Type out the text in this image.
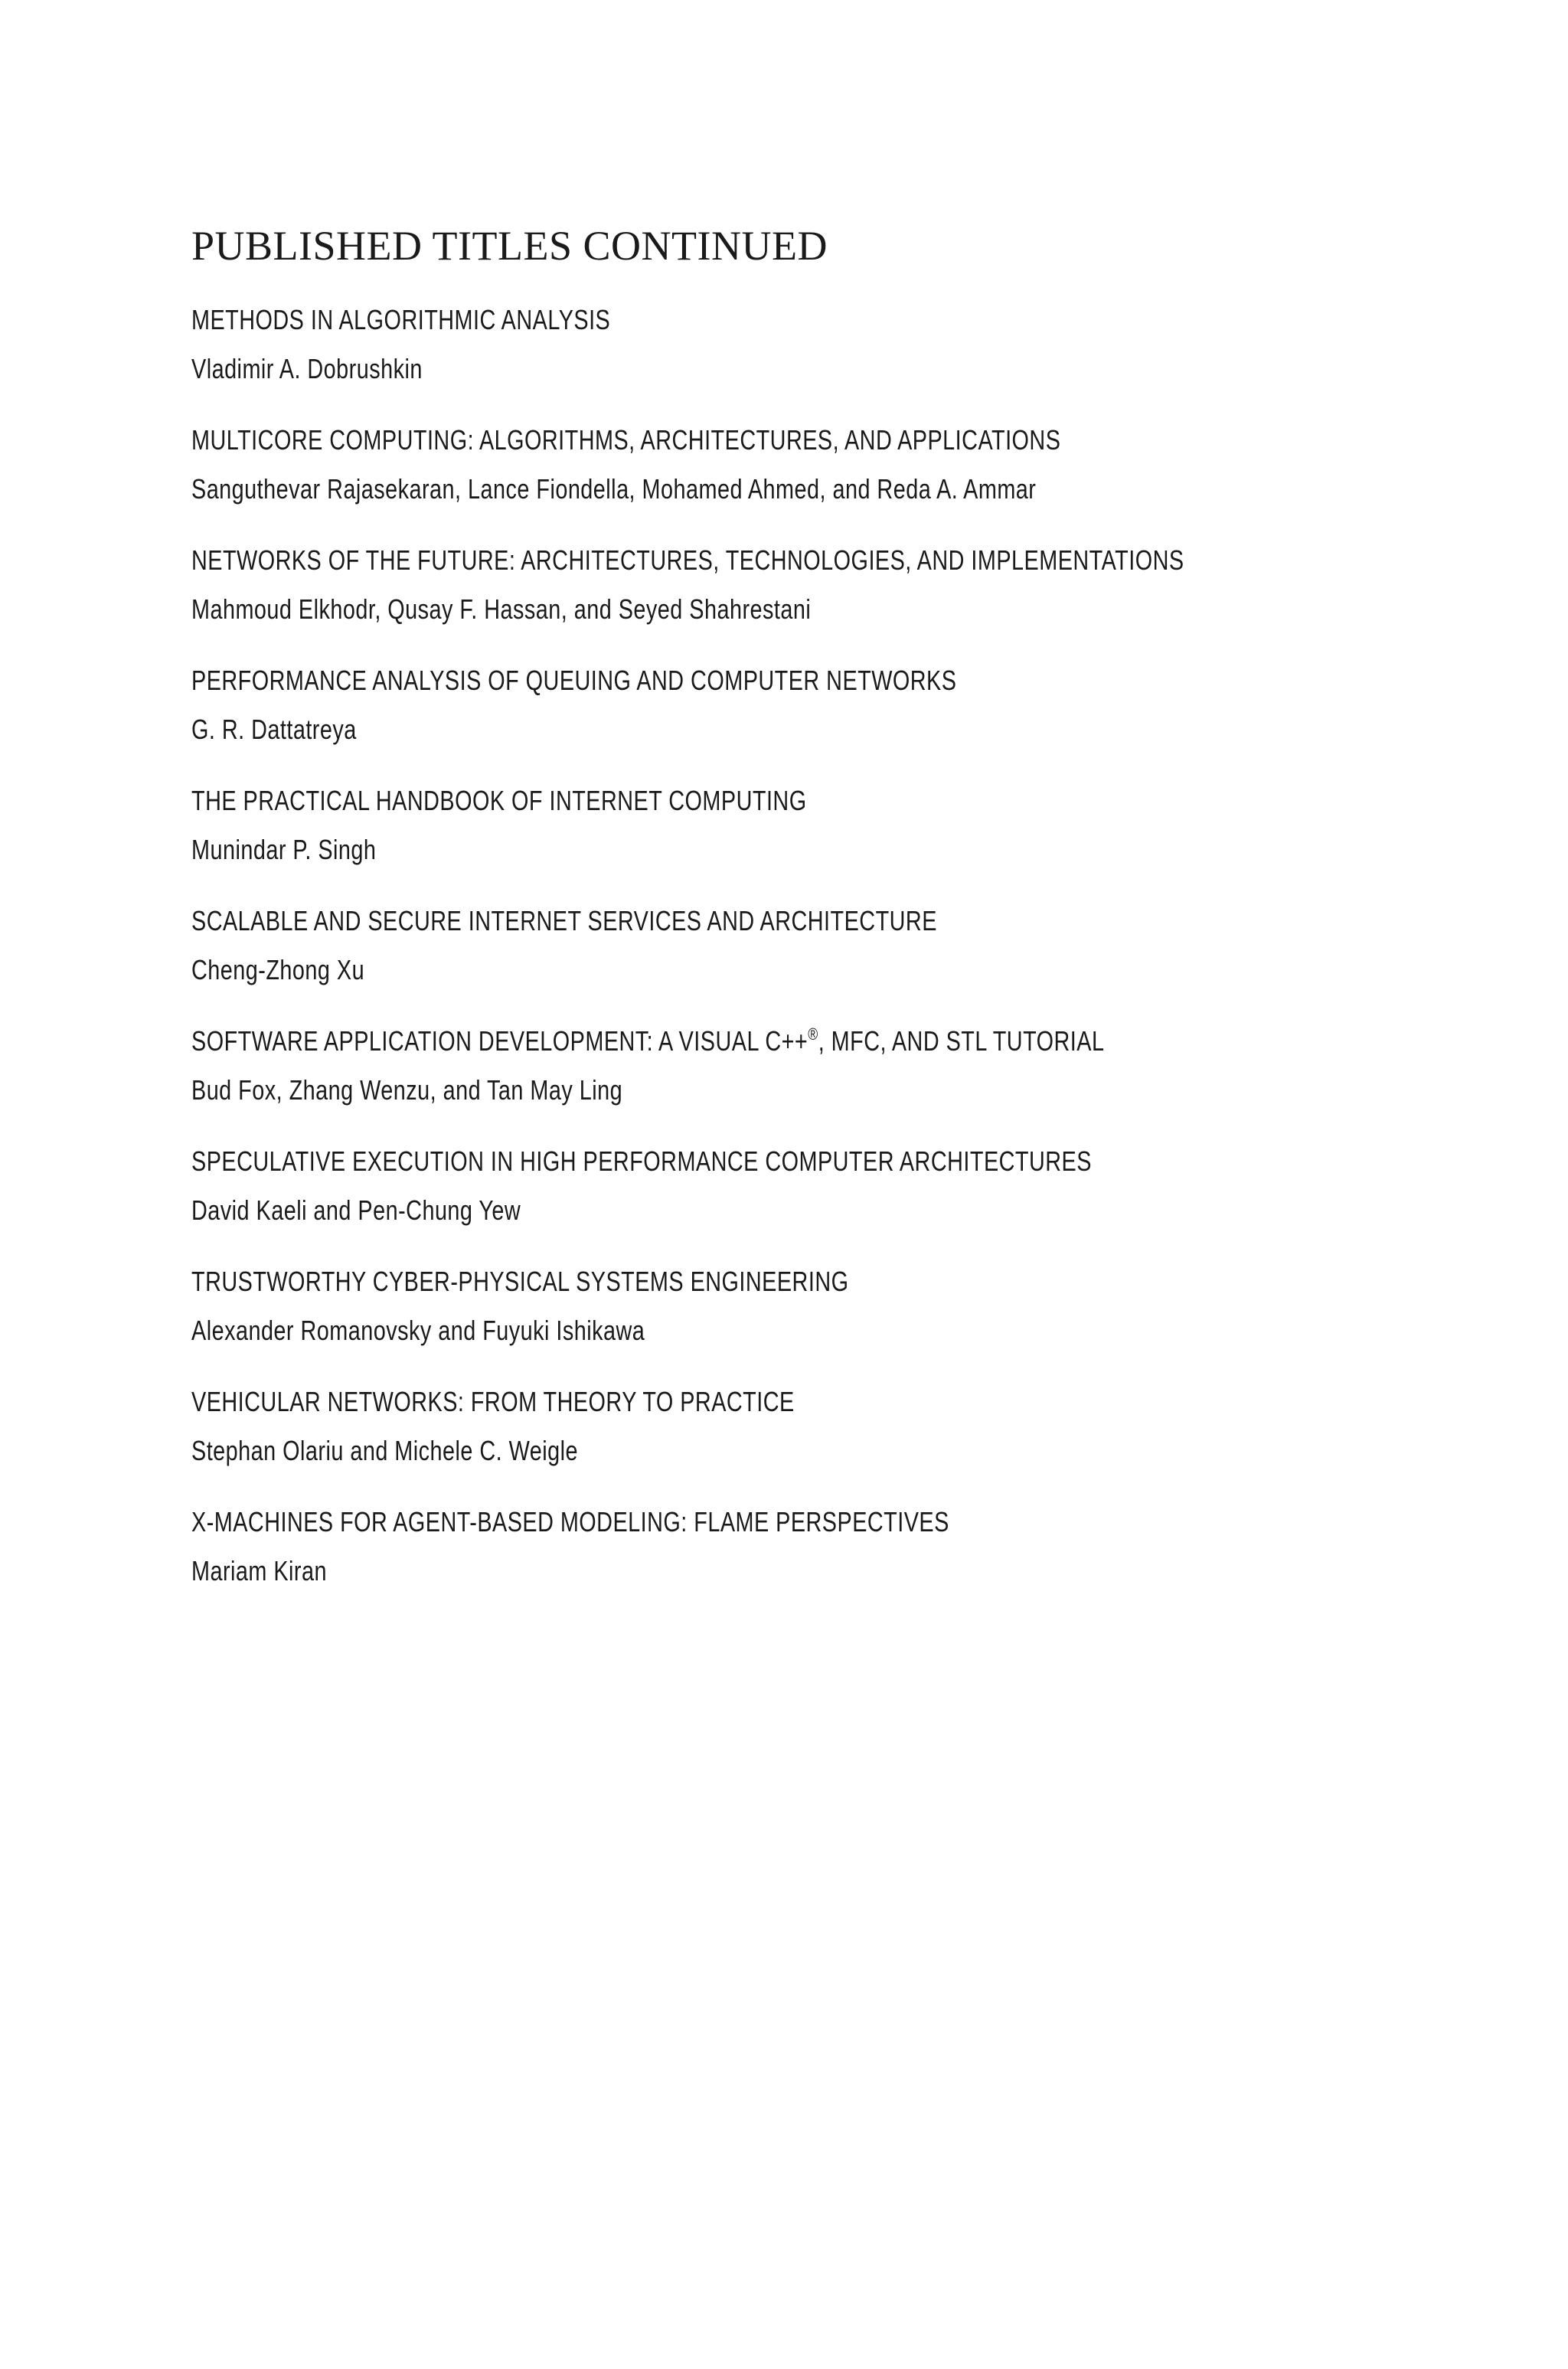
PUBLISHED TITLES CONTINUED
METHODS IN ALGORITHMIC ANALYSIS
Vladimir A. Dobrushkin
MULTICORE COMPUTING: ALGORITHMS, ARCHITECTURES, AND APPLICATIONS
Sanguthevar Rajasekaran, Lance Fiondella, Mohamed Ahmed, and Reda A. Ammar
NETWORKS OF THE FUTURE: ARCHITECTURES, TECHNOLOGIES, AND IMPLEMENTATIONS
Mahmoud Elkhodr, Qusay F. Hassan, and Seyed Shahrestani
PERFORMANCE ANALYSIS OF QUEUING AND COMPUTER NETWORKS
G. R. Dattatreya
THE PRACTICAL HANDBOOK OF INTERNET COMPUTING
Munindar P. Singh
SCALABLE AND SECURE INTERNET SERVICES AND ARCHITECTURE
Cheng-Zhong Xu
SOFTWARE APPLICATION DEVELOPMENT: A VISUAL C++®, MFC, AND STL TUTORIAL
Bud Fox, Zhang Wenzu, and Tan May Ling
SPECULATIVE EXECUTION IN HIGH PERFORMANCE COMPUTER ARCHITECTURES
David Kaeli and Pen-Chung Yew
TRUSTWORTHY CYBER-PHYSICAL SYSTEMS ENGINEERING
Alexander Romanovsky and Fuyuki Ishikawa
VEHICULAR NETWORKS: FROM THEORY TO PRACTICE
Stephan Olariu and Michele C. Weigle
X-MACHINES FOR AGENT-BASED MODELING: FLAME PERSPECTIVES
Mariam Kiran
